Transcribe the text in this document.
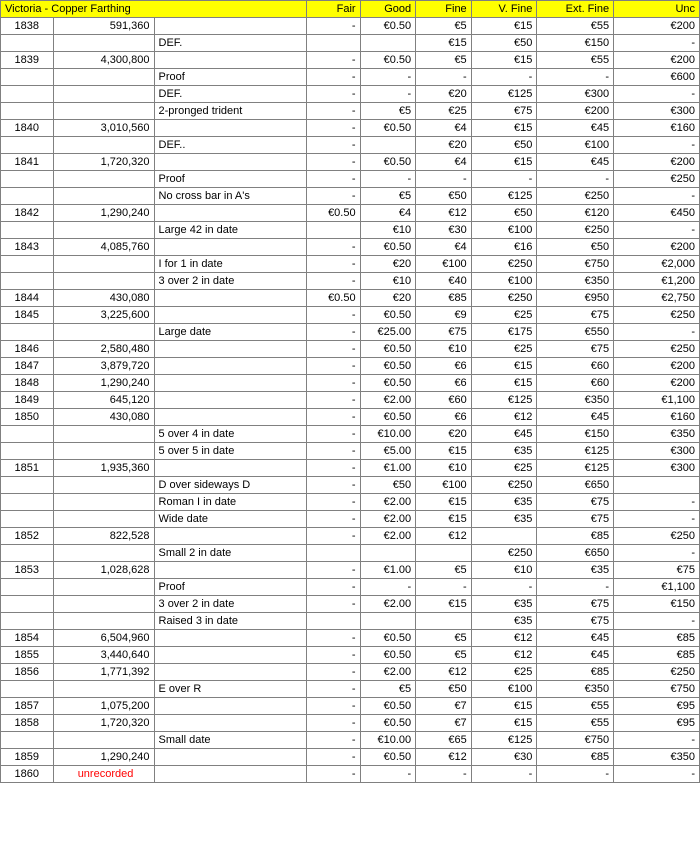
Victoria - Copper Farthing			Fair	Good	Fine	V. Fine	Ext. Fine	Unc
1838	591,360		-	€0.50	€5	€15	€55	€200
		DEF.			€15	€50	€150	-
1839	4,300,800		-	€0.50	€5	€15	€55	€200
		Proof	-	-	-	-	-	€600
		DEF.	-	-	€20	€125	€300	-
		2-pronged trident	-	€5	€25	€75	€200	€300
1840	3,010,560		-	€0.50	€4	€15	€45	€160
		DEF..	-		€20	€50	€100	-
1841	1,720,320		-	€0.50	€4	€15	€45	€200
		Proof	-	-	-	-	-	€250
		No cross bar in A's	-	€5	€50	€125	€250	-
1842	1,290,240		€0.50	€4	€12	€50	€120	€450
		Large 42 in date		€10	€30	€100	€250	-
1843	4,085,760		-	€0.50	€4	€16	€50	€200
		I for 1 in date	-	€20	€100	€250	€750	€2,000
		3 over 2 in date	-	€10	€40	€100	€350	€1,200
1844	430,080		€0.50	€20	€85	€250	€950	€2,750
1845	3,225,600		-	€0.50	€9	€25	€75	€250
		Large date	-	€25.00	€75	€175	€550	-
1846	2,580,480		-	€0.50	€10	€25	€75	€250
1847	3,879,720		-	€0.50	€6	€15	€60	€200
1848	1,290,240		-	€0.50	€6	€15	€60	€200
1849	645,120		-	€2.00	€60	€125	€350	€1,100
1850	430,080		-	€0.50	€6	€12	€45	€160
		5 over 4 in date	-	€10.00	€20	€45	€150	€350
		5 over 5 in date	-	€5.00	€15	€35	€125	€300
1851	1,935,360		-	€1.00	€10	€25	€125	€300
		D over sideways D	-	€50	€100	€250	€650	
		Roman I in date	-	€2.00	€15	€35	€75	-
		Wide date	-	€2.00	€15	€35	€75	-
1852	822,528		-	€2.00	€12		€85	€250
		Small 2 in date				€250	€650	-
1853	1,028,628		-	€1.00	€5	€10	€35	€75
		Proof	-	-	-	-	-	€1,100
		3 over 2 in date	-	€2.00	€15	€35	€75	€150
		Raised 3 in date				€35	€75	-
1854	6,504,960		-	€0.50	€5	€12	€45	€85
1855	3,440,640		-	€0.50	€5	€12	€45	€85
1856	1,771,392		-	€2.00	€12	€25	€85	€250
		E over R	-	€5	€50	€100	€350	€750
1857	1,075,200		-	€0.50	€7	€15	€55	€95
1858	1,720,320		-	€0.50	€7	€15	€55	€95
		Small date	-	€10.00	€65	€125	€750	-
1859	1,290,240		-	€0.50	€12	€30	€85	€350
1860	unrecorded		-	-	-	-	-	-
